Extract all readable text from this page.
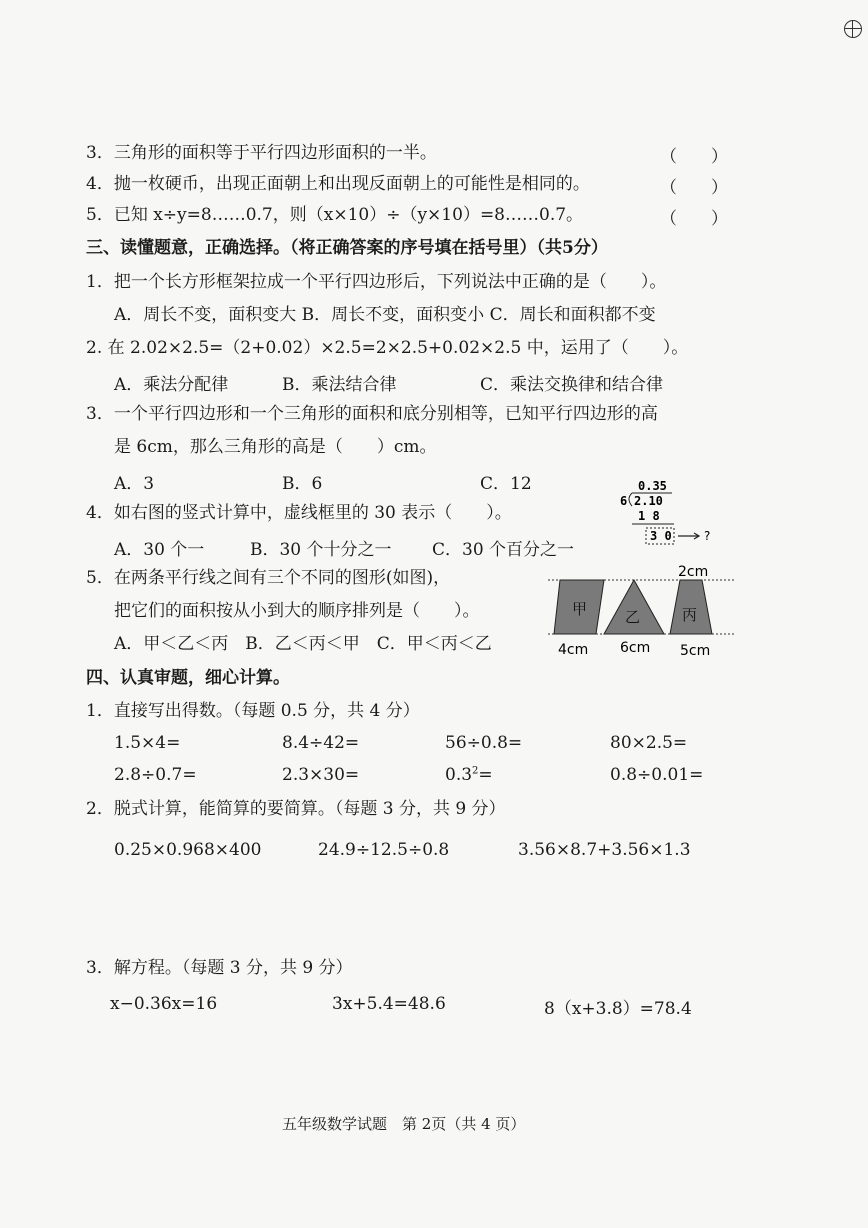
3．三角形的面积等于平行四边形面积的一半。	（　　）
4．抛一枚硬币，出现正面朝上和出现反面朝上的可能性是相同的。	（　　）
5．已知 x÷y=8……0.7，则（x×10）÷（y×10）=8……0.7。	（　　）
三、读懂题意，正确选择。（将正确答案的序号填在括号里）（共5分）
1．把一个长方形框架拉成一个平行四边形后，下列说法中正确的是（　　）。
A．周长不变，面积变大 B．周长不变，面积变小 C．周长和面积都不变
2. 在 2.02×2.5=（2+0.02）×2.5=2×2.5+0.02×2.5 中，运用了（　　）。
A．乘法分配律	B．乘法结合律	C．乘法交换律和结合律
3．一个平行四边形和一个三角形的面积和底分别相等，已知平行四边形的高
是 6cm，那么三角形的高是（　　）cm。
A．3	B．6	C．12
4．如右图的竖式计算中，虚线框里的 30 表示（　　）。
A．30 个一	B．30 个十分之一 C．30 个百分之一
0.35
6 2.10
1 8
3 0	?
5．在两条平行线之间有三个不同的图形(如图)，
把它们的面积按从小到大的顺序排列是（　　）。
A．甲＜乙＜丙　B．乙＜丙＜甲　C．甲＜丙＜乙
2cm
甲	乙	丙
4cm 6cm 5cm
四、认真审题，细心计算。
1．直接写出得数。（每题 0.5 分，共 4 分）
1.5×4=	8.4÷42=	56÷0.8=	80×2.5=
2.8÷0.7=	2.3×30=	$0.3^2=$	0.8÷0.01=
2．脱式计算，能简算的要简算。（每题 3 分，共 9 分）
0.25×0.968×400	24.9÷12.5÷0.8	3.56×8.7+3.56×1.3
3．解方程。（每题 3 分，共 9 分）
x−0.36x=16	3x+5.4=48.6	8（x+3.8）=78.4
五年级数学试题　第 2页（共 4 页）
